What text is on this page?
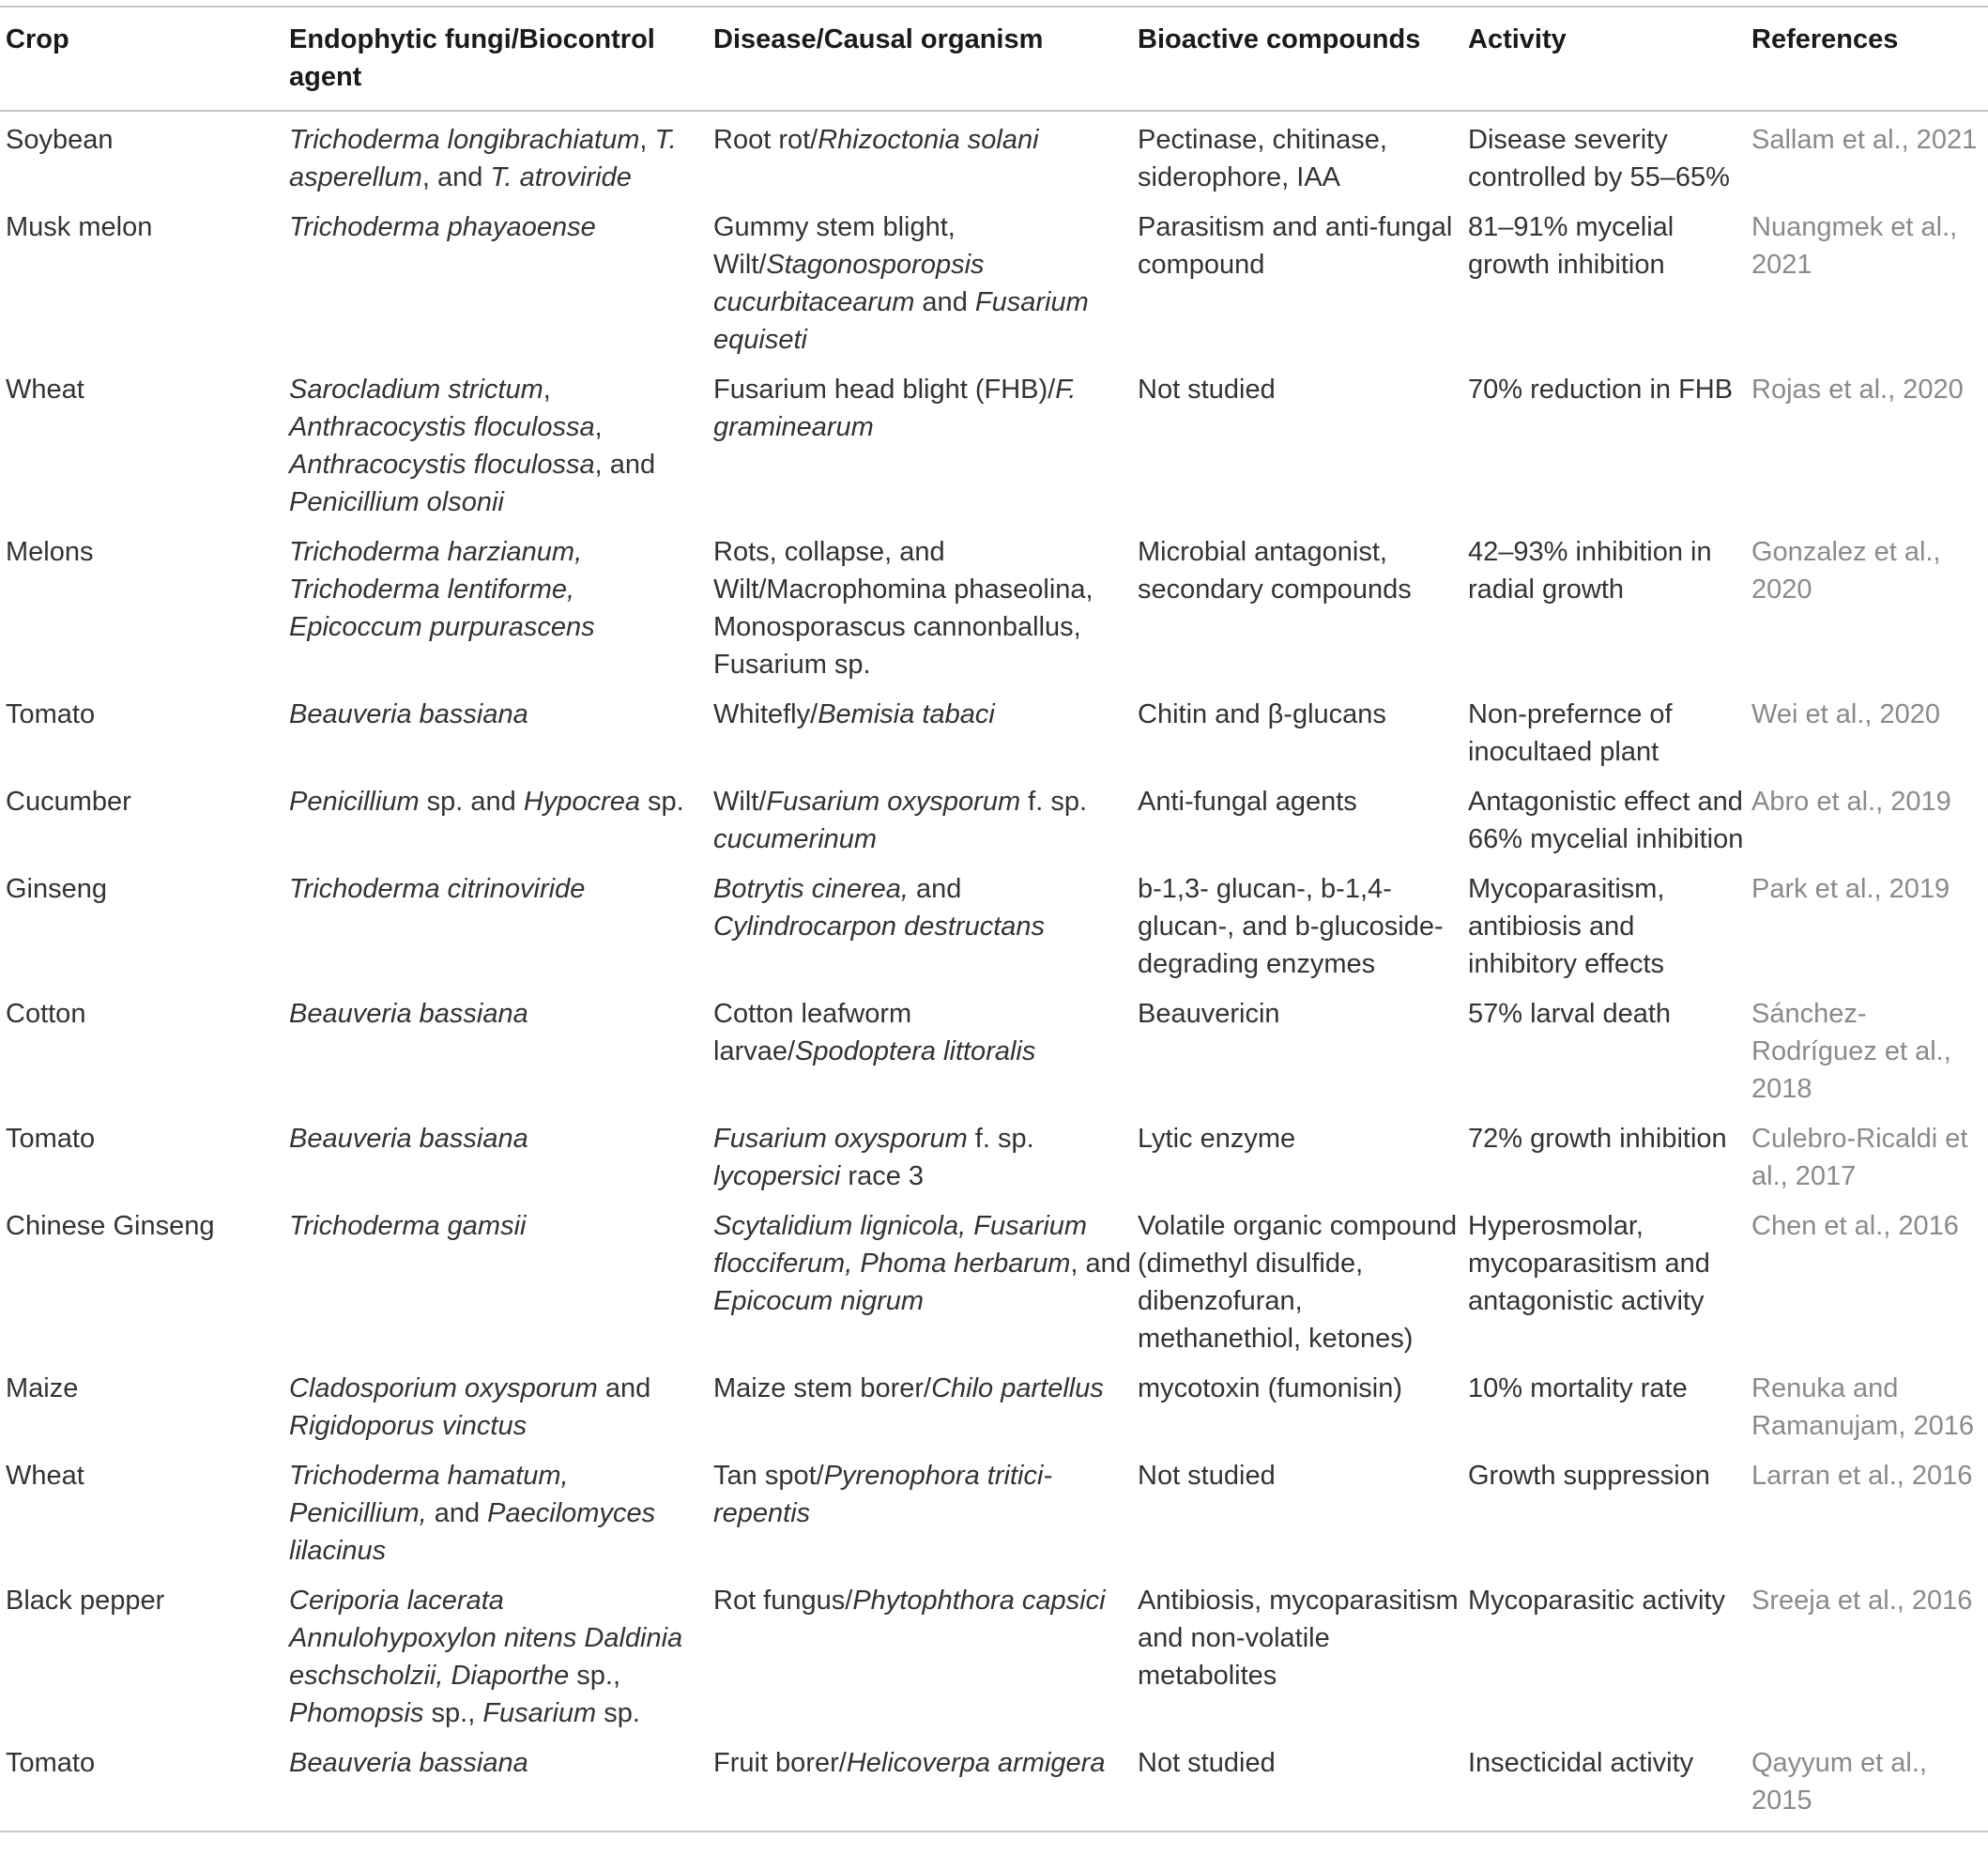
Crop	Endophytic fungi/Biocontrol agent	Disease/Causal organism	Bioactive compounds	Activity	References
Soybean	Trichoderma longibrachiatum, T. asperellum, and T. atroviride	Root rot/Rhizoctonia solani	Pectinase, chitinase, siderophore, IAA	Disease severity controlled by 55–65%	Sallam et al., 2021
Musk melon	Trichoderma phayaoense	Gummy stem blight, Wilt/Stagonosporopsis cucurbitacearum and Fusarium equiseti	Parasitism and anti-fungal compound	81–91% mycelial growth inhibition	Nuangmek et al., 2021
Wheat	Sarocladium strictum, Anthracocystis floculossa, Anthracocystis floculossa, and Penicillium olsonii	Fusarium head blight (FHB)/F. graminearum	Not studied	70% reduction in FHB	Rojas et al., 2020
Melons	Trichoderma harzianum, Trichoderma lentiforme, Epicoccum purpurascens	Rots, collapse, and Wilt/Macrophomina phaseolina, Monosporascus cannonballus, Fusarium sp.	Microbial antagonist, secondary compounds	42–93% inhibition in radial growth	Gonzalez et al., 2020
Tomato	Beauveria bassiana	Whitefly/Bemisia tabaci	Chitin and β-glucans	Non-prefernce of inocultaed plant	Wei et al., 2020
Cucumber	Penicillium sp. and Hypocrea sp.	Wilt/Fusarium oxysporum f. sp. cucumerinum	Anti-fungal agents	Antagonistic effect and 66% mycelial inhibition	Abro et al., 2019
Ginseng	Trichoderma citrinoviride	Botrytis cinerea, and Cylindrocarpon destructans	b-1,3- glucan-, b-1,4-glucan-, and b-glucoside-degrading enzymes	Mycoparasitism, antibiosis and inhibitory effects	Park et al., 2019
Cotton	Beauveria bassiana	Cotton leafworm larvae/Spodoptera littoralis	Beauvericin	57% larval death	Sánchez-Rodríguez et al., 2018
Tomato	Beauveria bassiana	Fusarium oxysporum f. sp. lycopersici race 3	Lytic enzyme	72% growth inhibition	Culebro-Ricaldi et al., 2017
Chinese Ginseng	Trichoderma gamsii	Scytalidium lignicola, Fusarium flocciferum, Phoma herbarum, and Epicocum nigrum	Volatile organic compound (dimethyl disulfide, dibenzofuran, methanethiol, ketones)	Hyperosmolar, mycoparasitism and antagonistic activity	Chen et al., 2016
Maize	Cladosporium oxysporum and Rigidoporus vinctus	Maize stem borer/Chilo partellus	mycotoxin (fumonisin)	10% mortality rate	Renuka and Ramanujam, 2016
Wheat	Trichoderma hamatum, Penicillium, and Paecilomyces lilacinus	Tan spot/Pyrenophora tritici-repentis	Not studied	Growth suppression	Larran et al., 2016
Black pepper	Ceriporia lacerata Annulohypoxylon nitens Daldinia eschscholzii, Diaporthe sp., Phomopsis sp., Fusarium sp.	Rot fungus/Phytophthora capsici	Antibiosis, mycoparasitism and non-volatile metabolites	Mycoparasitic activity	Sreeja et al., 2016
Tomato	Beauveria bassiana	Fruit borer/Helicoverpa armigera	Not studied	Insecticidal activity	Qayyum et al., 2015
